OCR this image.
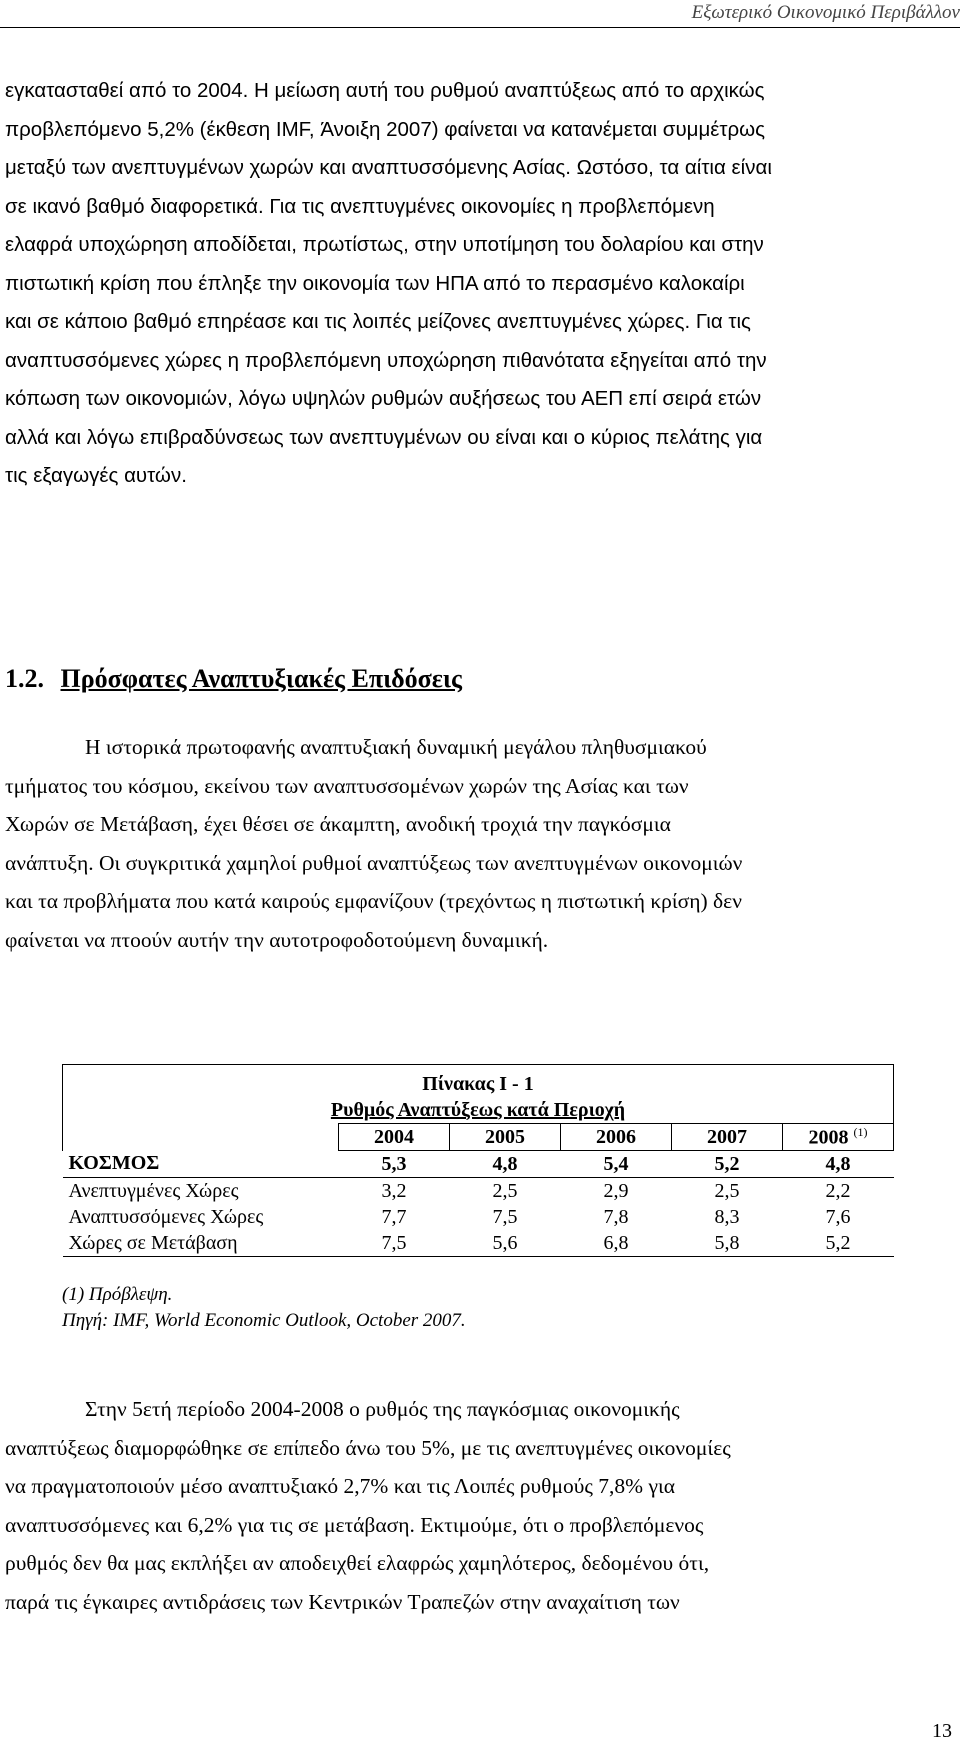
Εξωτερικό Οικονομικό Περιβάλλον
εγκατασταθεί από το 2004. Η μείωση αυτή του ρυθμού αναπτύξεως από το αρχικώς
προβλεπόμενο 5,2% (έκθεση IMF, Άνοιξη 2007) φαίνεται να κατανέμεται συμμέτρως
μεταξύ των ανεπτυγμένων χωρών και αναπτυσσόμενης Ασίας. Ωστόσο, τα αίτια είναι
σε ικανό βαθμό διαφορετικά. Για τις ανεπτυγμένες οικονομίες η προβλεπόμενη
ελαφρά υποχώρηση αποδίδεται, πρωτίστως, στην υποτίμηση του δολαρίου και στην
πιστωτική κρίση που έπληξε την οικονομία των ΗΠΑ από το περασμένο καλοκαίρι
και σε κάποιο βαθμό επηρέασε και τις λοιπές μείζονες ανεπτυγμένες χώρες. Για τις
αναπτυσσόμενες χώρες η προβλεπόμενη υποχώρηση πιθανότατα εξηγείται από την
κόπωση των οικονομιών, λόγω υψηλών ρυθμών αυξήσεως του ΑΕΠ επί σειρά ετών
αλλά και λόγω επιβραδύνσεως των ανεπτυγμένων ου είναι και ο κύριος πελάτης για
τις εξαγωγές αυτών.
1.2. Πρόσφατες Αναπτυξιακές Επιδόσεις
Η ιστορικά πρωτοφανής αναπτυξιακή δυναμική μεγάλου πληθυσμιακού
τμήματος του κόσμου, εκείνου των αναπτυσσομένων χωρών της Ασίας και των
Χωρών σε Μετάβαση, έχει θέσει σε άκαμπτη, ανοδική τροχιά την παγκόσμια
ανάπτυξη. Οι συγκριτικά χαμηλοί ρυθμοί αναπτύξεως των ανεπτυγμένων οικονομιών
και τα προβλήματα που κατά καιρούς εμφανίζουν (τρεχόντως η πιστωτική κρίση) δεν
φαίνεται να πτοούν αυτήν την αυτοτροφοδοτούμενη δυναμική.
Πίνακας Ι - 1					
Ρυθμός Αναπτύξεως κατά Περιοχή					
	2004	2005	2006	2007	2008 $^{(1)}$
ΚΟΣΜΟΣ	5,3	4,8	5,4	5,2	4,8
Ανεπτυγμένες Χώρες	3,2	2,5	2,9	2,5	2,2
Αναπτυσσόμενες Χώρες	7,7	7,5	7,8	8,3	7,6
Χώρες σε Μετάβαση	7,5	5,6	6,8	5,8	5,2
(1) Πρόβλεψη.
Πηγή: IMF, World Economic Outlook, October 2007.
Στην 5ετή περίοδο 2004-2008 ο ρυθμός της παγκόσμιας οικονομικής
αναπτύξεως διαμορφώθηκε σε επίπεδο άνω του 5%, με τις ανεπτυγμένες οικονομίες
να πραγματοποιούν μέσο αναπτυξιακό 2,7% και τις Λοιπές ρυθμούς 7,8% για
αναπτυσσόμενες και 6,2% για τις σε μετάβαση. Εκτιμούμε, ότι ο προβλεπόμενος
ρυθμός δεν θα μας εκπλήξει αν αποδειχθεί ελαφρώς χαμηλότερος, δεδομένου ότι,
παρά τις έγκαιρες αντιδράσεις των Κεντρικών Τραπεζών στην αναχαίτιση των
13
